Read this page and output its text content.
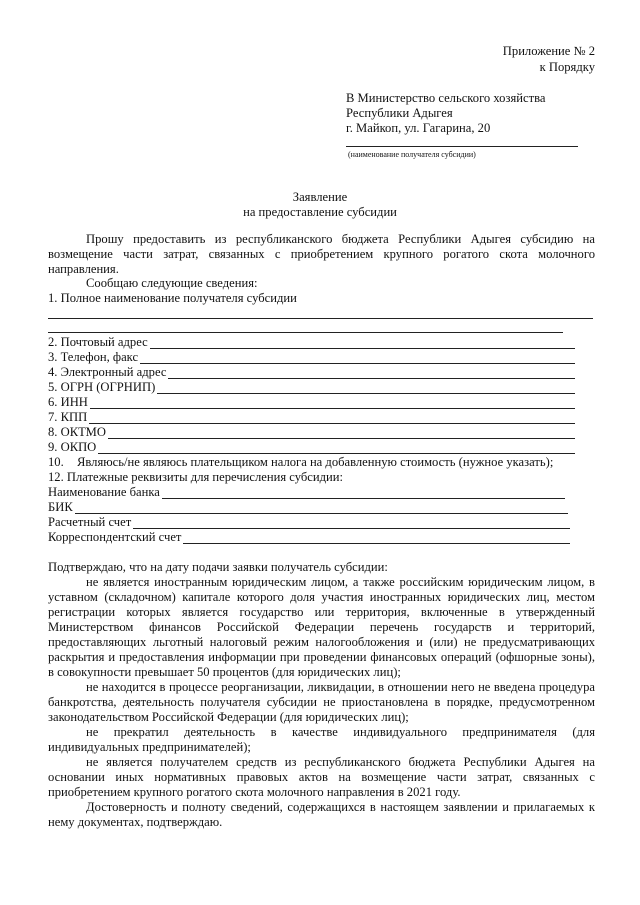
Приложение № 2
к Порядку
В Министерство сельского хозяйства
Республики Адыгея
г. Майкоп, ул. Гагарина, 20
(наименование получателя субсидии)
Заявление
на предоставление субсидии
Прошу предоставить из республиканского бюджета Республики Адыгея субсидию на возмещение части затрат, связанных с приобретением крупного рогатого скота молочного направления.
Сообщаю следующие сведения:
1. Полное наименование получателя субсидии
2. Почтовый адрес
3. Телефон, факс
4. Электронный адрес
5. ОГРН (ОГРНИП)
6. ИНН
7. КПП
8. ОКТМО
9. ОКПО
10. Являюсь/не являюсь плательщиком налога на добавленную стоимость (нужное указать);
12. Платежные реквизиты для перечисления субсидии:
Наименование банка
БИК
Расчетный счет
Корреспондентский счет
Подтверждаю, что на дату подачи заявки получатель субсидии:
не является иностранным юридическим лицом, а также российским юридическим лицом, в уставном (складочном) капитале которого доля участия иностранных юридических лиц, местом регистрации которых является государство или территория, включенные в утвержденный Министерством финансов Российской Федерации перечень государств и территорий, предоставляющих льготный налоговый режим налогообложения и (или) не предусматривающих раскрытия и предоставления информации при проведении финансовых операций (офшорные зоны), в совокупности превышает 50 процентов (для юридических лиц);
не находится в процессе реорганизации, ликвидации, в отношении него не введена процедура банкротства, деятельность получателя субсидии не приостановлена в порядке, предусмотренном законодательством Российской Федерации (для юридических лиц);
не прекратил деятельность в качестве индивидуального предпринимателя (для индивидуальных предпринимателей);
не является получателем средств из республиканского бюджета Республики Адыгея на основании иных нормативных правовых актов на возмещение части затрат, связанных с приобретением крупного рогатого скота молочного направления в 2021 году.
Достоверность и полноту сведений, содержащихся в настоящем заявлении и прилагаемых к нему документах, подтверждаю.
